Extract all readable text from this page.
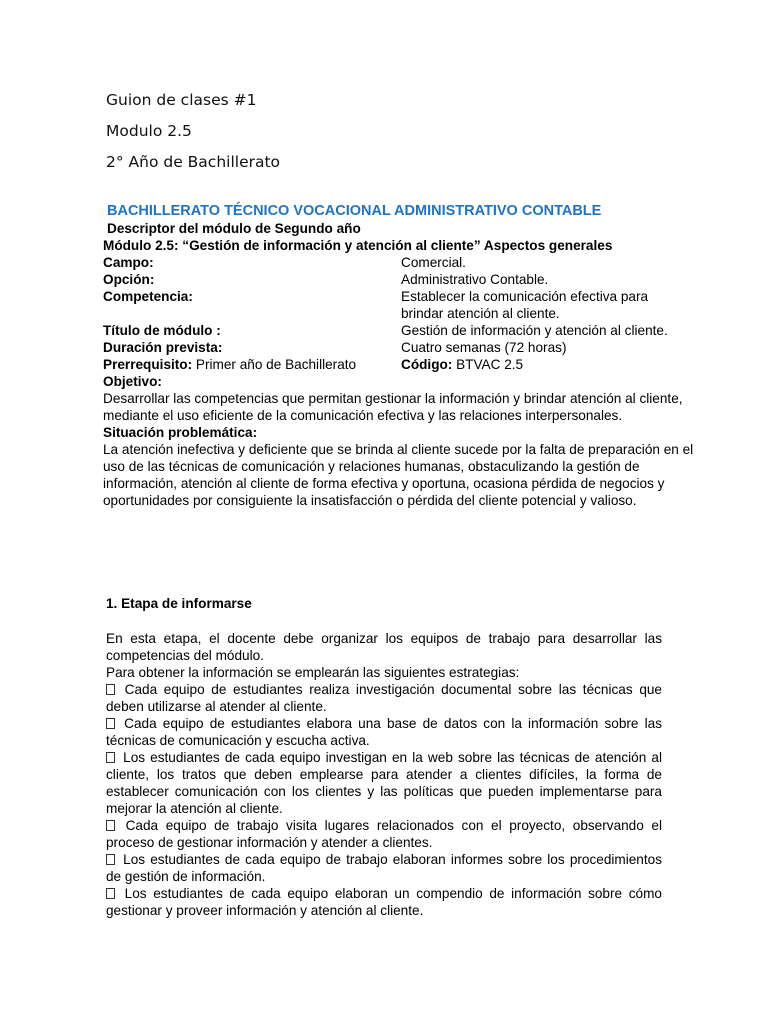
Guion de clases #1
Modulo 2.5
2° Año de Bachillerato
BACHILLERATO TÉCNICO VOCACIONAL ADMINISTRATIVO CONTABLE
Descriptor del módulo de Segundo año
Módulo 2.5: “Gestión de información y atención al cliente” Aspectos generales
Campo:	Comercial.
Opción:	Administrativo Contable.
Competencia:	Establecer la comunicación efectiva para brindar atención al cliente.
Título de módulo :	Gestión de información y atención al cliente.
Duración prevista:	Cuatro semanas (72 horas)
Prerrequisito: Primer año de Bachillerato	Código: BTVAC 2.5
Objetivo:

Desarrollar las competencias que permitan gestionar la información y brindar atención al cliente, mediante el uso eficiente de la comunicación efectiva y las relaciones interpersonales.

Situación problemática:

La atención inefectiva y deficiente que se brinda al cliente sucede por la falta de preparación en el uso de las técnicas de comunicación y relaciones humanas, obstaculizando la gestión de información, atención al cliente de forma efectiva y oportuna, ocasiona pérdida de negocios y oportunidades por consiguiente la insatisfacción o pérdida del cliente potencial y valioso.

1. Etapa de informarse

En esta etapa, el docente debe organizar los equipos de trabajo para desarrollar las competencias del módulo.

Para obtener la información se emplearán las siguientes estrategias:

Cada equipo de estudiantes realiza investigación documental sobre las técnicas que deben utilizarse al atender al cliente.
Cada equipo de estudiantes elabora una base de datos con la información sobre las técnicas de comunicación y escucha activa.
Los estudiantes de cada equipo investigan en la web sobre las técnicas de atención al cliente, los tratos que deben emplearse para atender a clientes difíciles, la forma de establecer comunicación con los clientes y las políticas que pueden implementarse para mejorar la atención al cliente.
Cada equipo de trabajo visita lugares relacionados con el proyecto, observando el proceso de gestionar información y atender a clientes.
Los estudiantes de cada equipo de trabajo elaboran informes sobre los procedimientos de gestión de información.
Los estudiantes de cada equipo elaboran un compendio de información sobre cómo gestionar y proveer información y atención al cliente.
